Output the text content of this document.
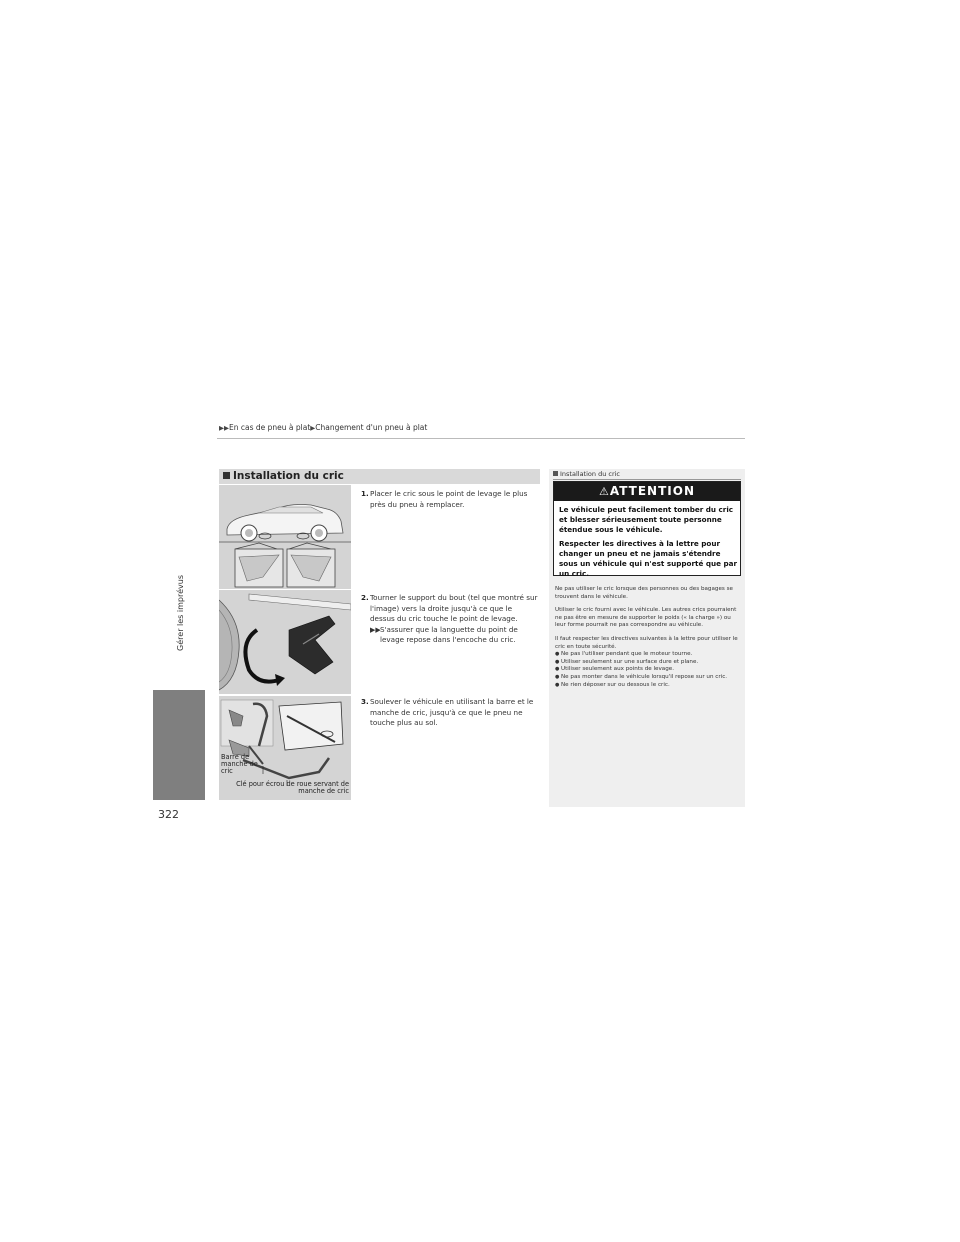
▶▶En cas de pneu à plat▶Changement d'un pneu à plat
Gérer les imprévus
322
Installation du cric
Barre de manche de cric
Clé pour écrou de roue servant de manche de cric
1. Placer le cric sous le point de levage le plus près du pneu à remplacer.
2. Tourner le support du bout (tel que montré sur l'image) vers la droite jusqu'à ce que le dessus du cric touche le point de levage.
▶▶ S'assurer que la languette du point de levage repose dans l'encoche du cric.
3. Soulever le véhicule en utilisant la barre et le manche de cric, jusqu'à ce que le pneu ne touche plus au sol.
Installation du cric
⚠ATTENTION

Le véhicule peut facilement tomber du cric et blesser sérieusement toute personne étendue sous le véhicule.

Respecter les directives à la lettre pour changer un pneu et ne jamais s'étendre sous un véhicule qui n'est supporté que par un cric.

Ne pas utiliser le cric lorsque des personnes ou des bagages se trouvent dans le véhicule.

Utiliser le cric fourni avec le véhicule. Les autres crics pourraient ne pas être en mesure de supporter le poids (« la charge ») ou leur forme pourrait ne pas correspondre au véhicule.

Il faut respecter les directives suivantes à la lettre pour utiliser le cric en toute sécurité.

● Ne pas l'utiliser pendant que le moteur tourne.
● Utiliser seulement sur une surface dure et plane.
● Utiliser seulement aux points de levage.
● Ne pas monter dans le véhicule lorsqu'il repose sur un cric.
● Ne rien déposer sur ou dessous le cric.
